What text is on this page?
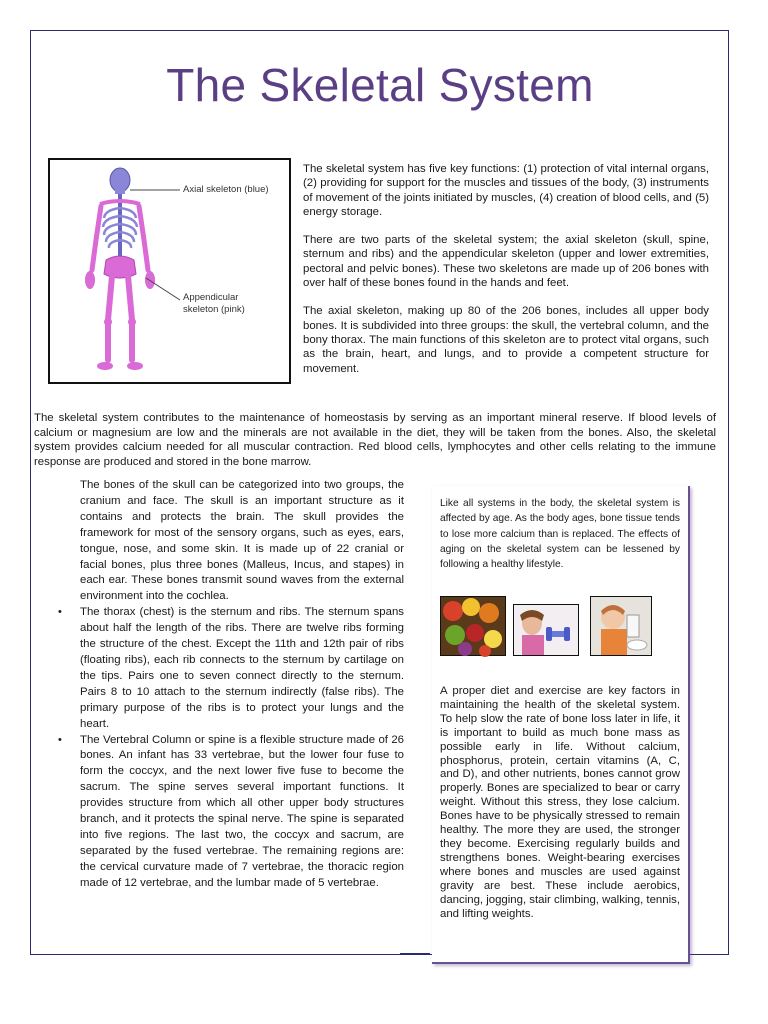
The Skeletal System
Axial skeleton (blue)
Appendicular
skeleton (pink)

The skeletal system has five key functions: (1) protection of vital internal organs, (2) providing for support for the muscles and tissues of the body, (3) instruments of movement of the joints initiated by muscles, (4) creation of blood cells, and (5) energy storage.

There are two parts of the skeletal system; the axial skeleton (skull, spine, sternum and ribs) and the appendicular skeleton (upper and lower extremities, pectoral and pelvic bones). These two skeletons are made up of 206 bones with over half of these bones found in the hands and feet.

The axial skeleton, making up 80 of the 206 bones, includes all upper body bones. It is subdivided into three groups: the skull, the vertebral column, and the bony thorax. The main functions of this skeleton are to protect vital organs, such as the brain, heart, and lungs, and to provide a competent structure for movement.

The skeletal system contributes to the maintenance of homeostasis by serving as an important mineral reserve. If blood levels of calcium or magnesium are low and the minerals are not available in the diet, they will be taken from the bones. Also, the skeletal system provides calcium needed for all muscular contraction. Red blood cells, lymphocytes and other cells relating to the immune response are produced and stored in the bone marrow.

The bones of the skull can be categorized into two groups, the cranium and face. The skull is an important structure as it contains and protects the brain. The skull provides the framework for most of the sensory organs, such as eyes, ears, tongue, nose, and some skin. It is made up of 22 cranial or facial bones, plus three bones (Malleus, Incus, and stapes) in each ear. These bones transmit sound waves from the external environment into the cochlea.

• The thorax (chest) is the sternum and ribs. The sternum spans about half the length of the ribs. There are twelve ribs forming the structure of the chest. Except the 11th and 12th pair of ribs (floating ribs), each rib connects to the sternum by cartilage on the tips. Pairs one to seven connect directly to the sternum. Pairs 8 to 10 attach to the sternum indirectly (false ribs). The primary purpose of the ribs is to protect your lungs and the heart.
• The Vertebral Column or spine is a flexible structure made of 26 bones. An infant has 33 vertebrae, but the lower four fuse to form the coccyx, and the next lower five fuse to become the sacrum. The spine serves several important functions. It provides structure from which all other upper body structures branch, and it protects the spinal nerve. The spine is separated into five regions. The last two, the coccyx and sacrum, are separated by the fused vertebrae. The remaining regions are: the cervical curvature made of 7 vertebrae, the thoracic region made of 12 vertebrae, and the lumbar made of 5 vertebrae.

Like all systems in the body, the skeletal system is affected by age. As the body ages, bone tissue tends to lose more calcium than is replaced. The effects of aging on the skeletal system can be lessened by following a healthy lifestyle.

A proper diet and exercise are key factors in maintaining the health of the skeletal system. To help slow the rate of bone loss later in life, it is important to build as much bone mass as possible early in life. Without calcium, phosphorus, protein, certain vitamins (A, C, and D), and other nutrients, bones cannot grow properly. Bones are specialized to bear or carry weight. Without this stress, they lose calcium. Bones have to be physically stressed to remain healthy. The more they are used, the stronger they become. Exercising regularly builds and strengthens bones. Weight-bearing exercises where bones and muscles are used against gravity are best. These include aerobics, dancing, jogging, stair climbing, walking, tennis, and lifting weights.
